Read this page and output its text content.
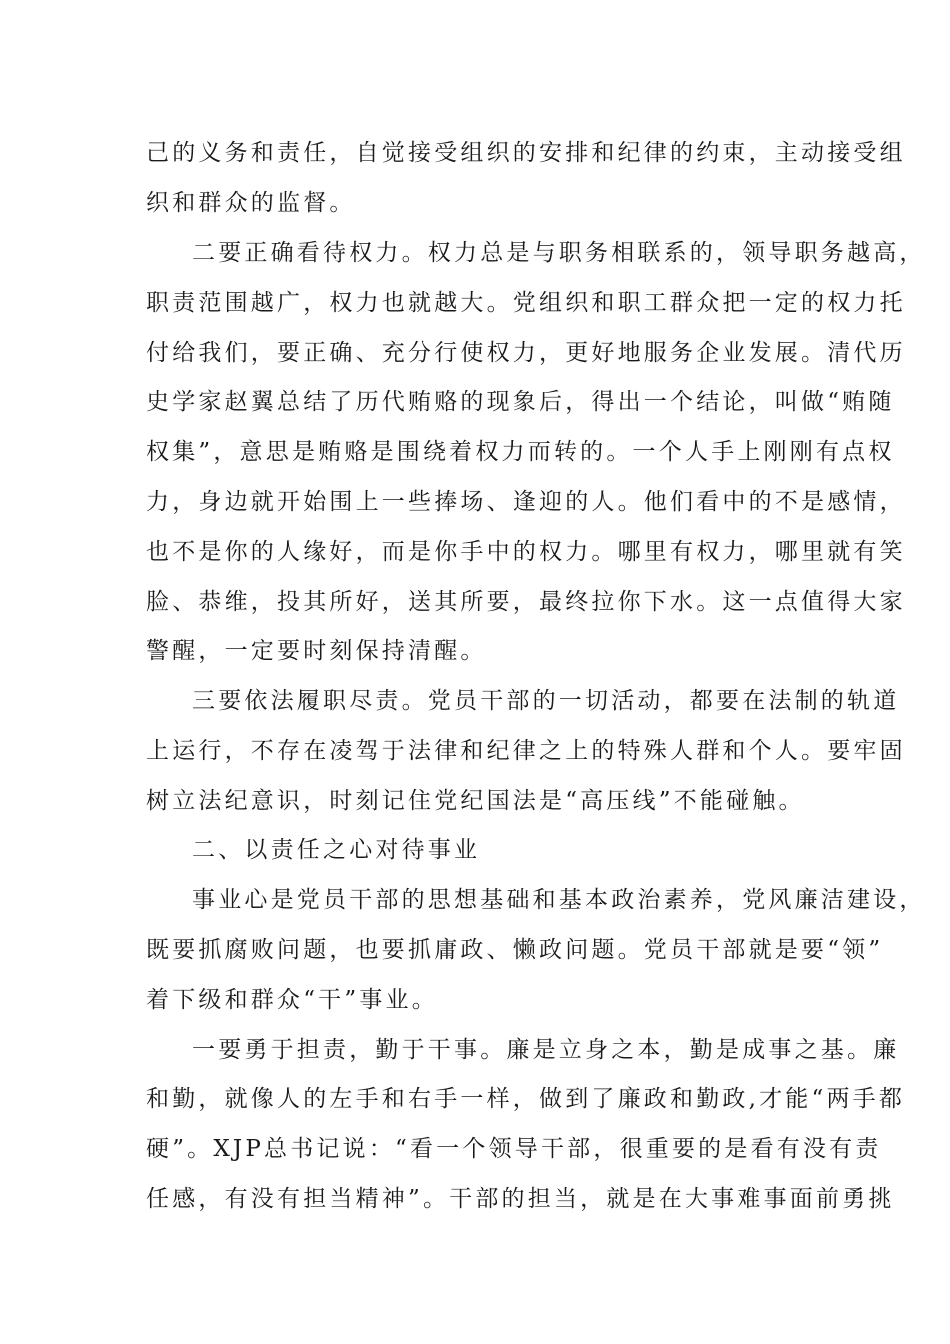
己的义务和责任，自觉接受组织的安排和纪律的约束，主动接受组
织和群众的监督。
二要正确看待权力。权力总是与职务相联系的，领导职务越高，
职责范围越广，权力也就越大。党组织和职工群众把一定的权力托
付给我们，要正确、充分行使权力，更好地服务企业发展。清代历
史学家赵翼总结了历代贿赂的现象后，得出一个结论，叫做“贿随
权集”，意思是贿赂是围绕着权力而转的。一个人手上刚刚有点权
力，身边就开始围上一些捧场、逢迎的人。他们看中的不是感情，
也不是你的人缘好，而是你手中的权力。哪里有权力，哪里就有笑
脸、恭维，投其所好，送其所要，最终拉你下水。这一点值得大家
警醒，一定要时刻保持清醒。
三要依法履职尽责。党员干部的一切活动，都要在法制的轨道
上运行，不存在凌驾于法律和纪律之上的特殊人群和个人。要牢固
树立法纪意识，时刻记住党纪国法是“高压线”不能碰触。
二、以责任之心对待事业
事业心是党员干部的思想基础和基本政治素养，党风廉洁建设，
既要抓腐败问题，也要抓庸政、懒政问题。党员干部就是要“领”
着下级和群众“干”事业。
一要勇于担责，勤于干事。廉是立身之本，勤是成事之基。廉
和勤，就像人的左手和右手一样，做到了廉政和勤政,才能“两手都
硬”。XJP总书记说：“看一个领导干部，很重要的是看有没有责
任感，有没有担当精神”。干部的担当，就是在大事难事面前勇挑
